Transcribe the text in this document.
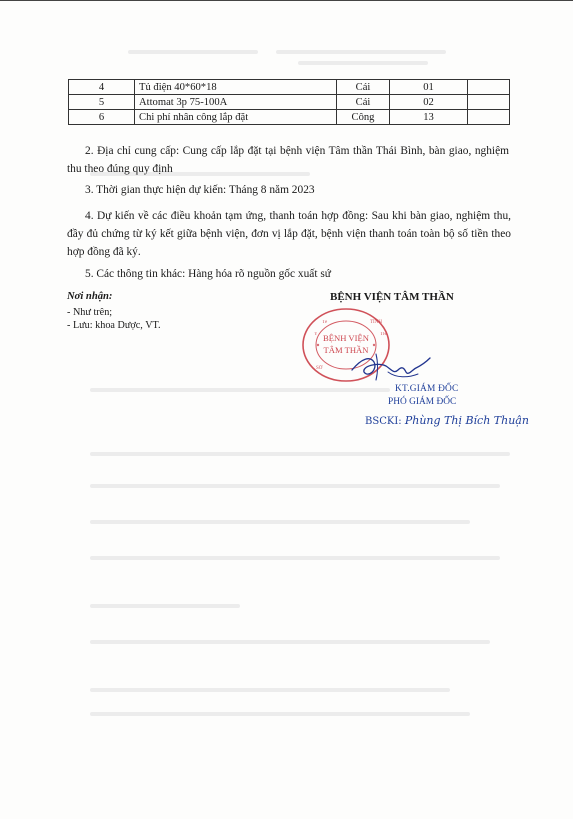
4	Tủ điện 40*60*18	Cái	01	
5	Attomat 3p 75-100A	Cái	02	
6	Chi phí nhân công lắp đặt	Công	13	
2. Địa chỉ cung cấp: Cung cấp lắp đặt tại bệnh viện Tâm thần Thái Bình, bàn giao, nghiệm thu theo đúng quy định
3. Thời gian thực hiện dự kiến: Tháng 8 năm 2023
4. Dự kiến về các điều khoản tạm ứng, thanh toán hợp đồng: Sau khi bàn giao, nghiệm thu, đầy đủ chứng từ ký kết giữa bệnh viện, đơn vị lắp đặt, bệnh viện thanh toán toàn bộ số tiền theo hợp đồng đã ký.
5. Các thông tin khác: Hàng hóa rõ nguồn gốc xuất sứ
Nơi nhận:
- Như trên;
- Lưu: khoa Dược, VT.
BỆNH VIỆN TÂM THẦN
BỆNH VIỆN
TÂM THẦN
Y
Tế	TỈNH
TH
SỞ
KT.GIÁM ĐỐC
PHÓ GIÁM ĐỐC
BSCKI: Phùng Thị Bích Thuận
